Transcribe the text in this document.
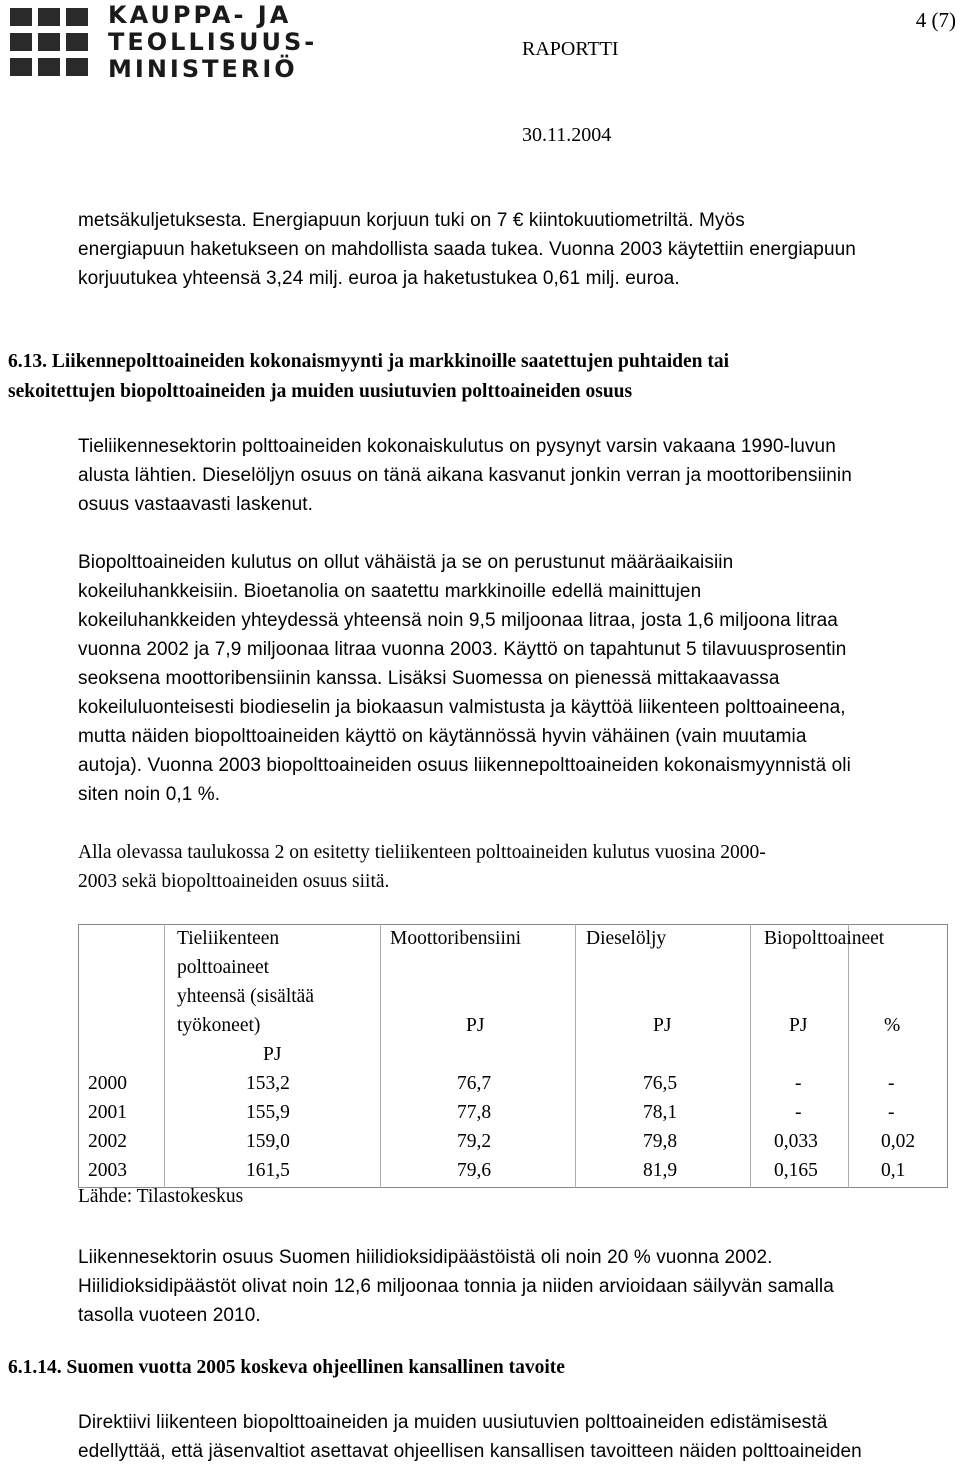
KAUPPA- JA
TEOLLISUUS-
MINISTERIÖ
4 (7)
RAPORTTI
30.11.2004
metsäkuljetuksesta. Energiapuun korjuun tuki on 7 € kiintokuutiometriltä. Myös
energiapuun haketukseen on mahdollista saada tukea. Vuonna 2003 käytettiin energiapuun
korjuutukea yhteensä 3,24 milj. euroa ja haketustukea 0,61 milj. euroa.
6.13. Liikennepolttoaineiden kokonaismyynti ja markkinoille saatettujen puhtaiden tai
sekoitettujen biopolttoaineiden ja muiden uusiutuvien polttoaineiden osuus
Tieliikennesektorin polttoaineiden kokonaiskulutus on pysynyt varsin vakaana 1990-luvun
alusta lähtien. Dieselöljyn osuus on tänä aikana kasvanut jonkin verran ja moottoribensiinin
osuus vastaavasti laskenut.
Biopolttoaineiden kulutus on ollut vähäistä ja se on perustunut määräaikaisiin
kokeiluhankkeisiin. Bioetanolia on saatettu markkinoille edellä mainittujen
kokeiluhankkeiden yhteydessä yhteensä noin 9,5 miljoonaa litraa, josta 1,6 miljoona litraa
vuonna 2002 ja 7,9 miljoonaa litraa vuonna 2003. Käyttö on tapahtunut 5 tilavuusprosentin
seoksena moottoribensiinin kanssa. Lisäksi Suomessa on pienessä mittakaavassa
kokeiluluonteisesti biodieselin ja biokaasun valmistusta ja käyttöä liikenteen polttoaineena,
mutta näiden biopolttoaineiden käyttö on käytännössä hyvin vähäinen (vain muutamia
autoja). Vuonna 2003 biopolttoaineiden osuus liikennepolttoaineiden kokonaismyynnistä oli
siten noin 0,1 %.
Alla olevassa taulukossa 2 on esitetty tieliikenteen polttoaineiden kulutus vuosina 2000-
2003 sekä biopolttoaineiden osuus siitä.
Tieliikenteen
polttoaineet
yhteensä (sisältää
työkoneet)
PJ
Moottoribensiini	Dieselöljy	Biopolttoaineet
PJ	PJ	PJ	%
2000	153,2	76,7	76,5	-	-
2001	155,9	77,8	78,1	-	-
2002	159,0	79,2	79,8	0,033	0,02
2003	161,5	79,6	81,9	0,165	0,1
Lähde: Tilastokeskus
Liikennesektorin osuus Suomen hiilidioksidipäästöistä oli noin 20 % vuonna 2002.
Hiilidioksidipäästöt olivat noin 12,6 miljoonaa tonnia ja niiden arvioidaan säilyvän samalla
tasolla vuoteen 2010.
6.1.14. Suomen vuotta 2005 koskeva ohjeellinen kansallinen tavoite
Direktiivi liikenteen biopolttoaineiden ja muiden uusiutuvien polttoaineiden edistämisestä
edellyttää, että jäsenvaltiot asettavat ohjeellisen kansallisen tavoitteen näiden polttoaineiden
